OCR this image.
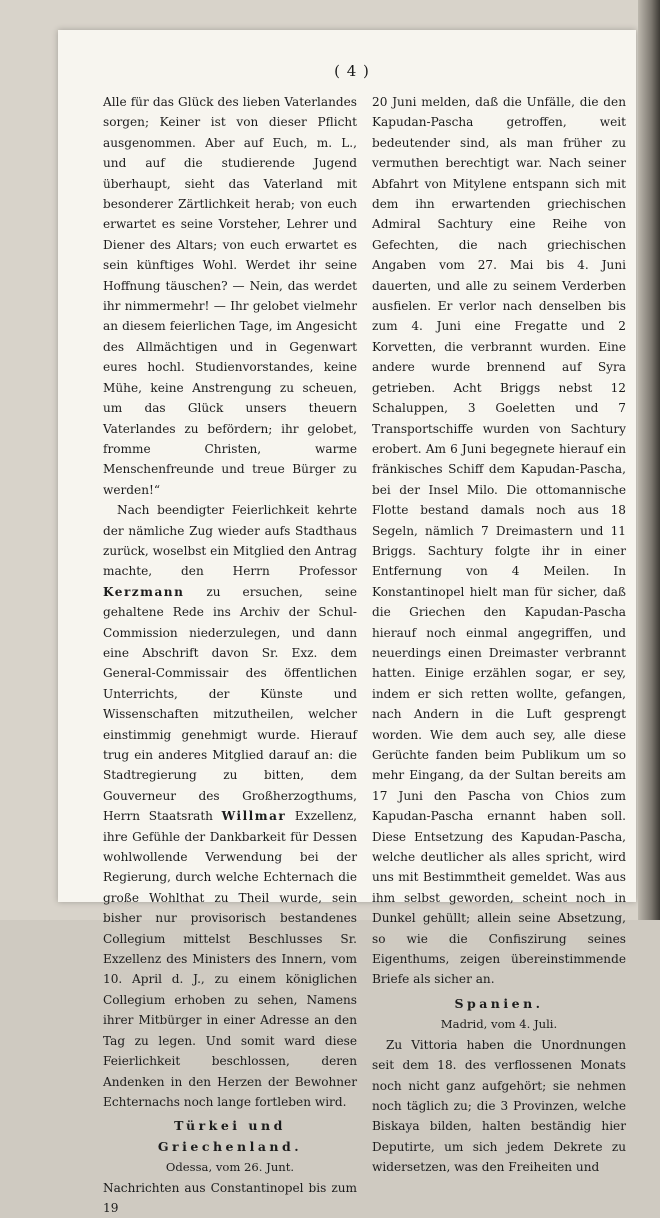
( 4 )

Alle für das Glück des lieben Vaterlandes sorgen; Keiner ist von dieser Pflicht ausgenommen. Aber auf Euch, m. L., und auf die studierende Jugend überhaupt, sieht das Vaterland mit besonderer Zärtlichkeit herab; von euch erwartet es seine Vorsteher, Lehrer und Diener des Altars; von euch erwartet es sein künftiges Wohl. Werdet ihr seine Hoffnung täuschen? — Nein, das werdet ihr nimmermehr! — Ihr gelobet vielmehr an diesem feierlichen Tage, im Angesicht des Allmächtigen und in Gegenwart eures hochl. Studienvorstandes, keine Mühe, keine Anstrengung zu scheuen, um das Glück unsers theuern Vaterlandes zu befördern; ihr gelobet, fromme Christen, warme Menschenfreunde und treue Bürger zu werden!“

Nach beendigter Feierlichkeit kehrte der nämliche Zug wieder aufs Stadthaus zurück, woselbst ein Mitglied den Antrag machte, den Herrn Professor Kerzmann zu ersuchen, seine gehaltene Rede ins Archiv der Schul-Commission niederzulegen, und dann eine Abschrift davon Sr. Exz. dem General-Commissair des öffentlichen Unterrichts, der Künste und Wissenschaften mitzutheilen, welcher einstimmig genehmigt wurde. Hierauf trug ein anderes Mitglied darauf an: die Stadtregierung zu bitten, dem Gouverneur des Großherzogthums, Herrn Staatsrath Willmar Exzellenz, ihre Gefühle der Dankbarkeit für Dessen wohlwollende Verwendung bei der Regierung, durch welche Echternach die große Wohlthat zu Theil wurde, sein bisher nur provisorisch bestandenes Collegium mittelst Beschlusses Sr. Exzellenz des Ministers des Innern, vom 10. April d. J., zu einem königlichen Collegium erhoben zu sehen, Namens ihrer Mitbürger in einer Adresse an den Tag zu legen. Und somit ward diese Feierlichkeit beschlossen, deren Andenken in den Herzen der Bewohner Echternachs noch lange fortleben wird.

Türkei und Griechenland.

Odessa, vom 26. Junt.

Nachrichten aus Constantinopel bis zum 19

20 Juni melden, daß die Unfälle, die den Kapudan-Pascha getroffen, weit bedeutender sind, als man früher zu vermuthen berechtigt war. Nach seiner Abfahrt von Mitylene entspann sich mit dem ihn erwartenden griechischen Admiral Sachtury eine Reihe von Gefechten, die nach griechischen Angaben vom 27. Mai bis 4. Juni dauerten, und alle zu seinem Verderben ausfielen. Er verlor nach denselben bis zum 4. Juni eine Fregatte und 2 Korvetten, die verbrannt wurden. Eine andere wurde brennend auf Syra getrieben. Acht Briggs nebst 12 Schaluppen, 3 Goeletten und 7 Transportschiffe wurden von Sachtury erobert. Am 6 Juni begegnete hierauf ein fränkisches Schiff dem Kapudan-Pascha, bei der Insel Milo. Die ottomannische Flotte bestand damals noch aus 18 Segeln, nämlich 7 Dreimastern und 11 Briggs. Sachtury folgte ihr in einer Entfernung von 4 Meilen. In Konstantinopel hielt man für sicher, daß die Griechen den Kapudan-Pascha hierauf noch einmal angegriffen, und neuerdings einen Dreimaster verbrannt hatten. Einige erzählen sogar, er sey, indem er sich retten wollte, gefangen, nach Andern in die Luft gesprengt worden. Wie dem auch sey, alle diese Gerüchte fanden beim Publikum um so mehr Eingang, da der Sultan bereits am 17 Juni den Pascha von Chios zum Kapudan-Pascha ernannt haben soll. Diese Entsetzung des Kapudan-Pascha, welche deutlicher als alles spricht, wird uns mit Bestimmtheit gemeldet. Was aus ihm selbst geworden, scheint noch in Dunkel gehüllt; allein seine Absetzung, so wie die Confiszirung seines Eigenthums, zeigen übereinstimmende Briefe als sicher an.

Spanien.

Madrid, vom 4. Juli.

Zu Vittoria haben die Unordnungen seit dem 18. des verflossenen Monats noch nicht ganz aufgehört; sie nehmen noch täglich zu; die 3 Provinzen, welche Biskaya bilden, halten beständig hier Deputirte, um sich jedem Dekrete zu widersetzen, was den Freiheiten und
